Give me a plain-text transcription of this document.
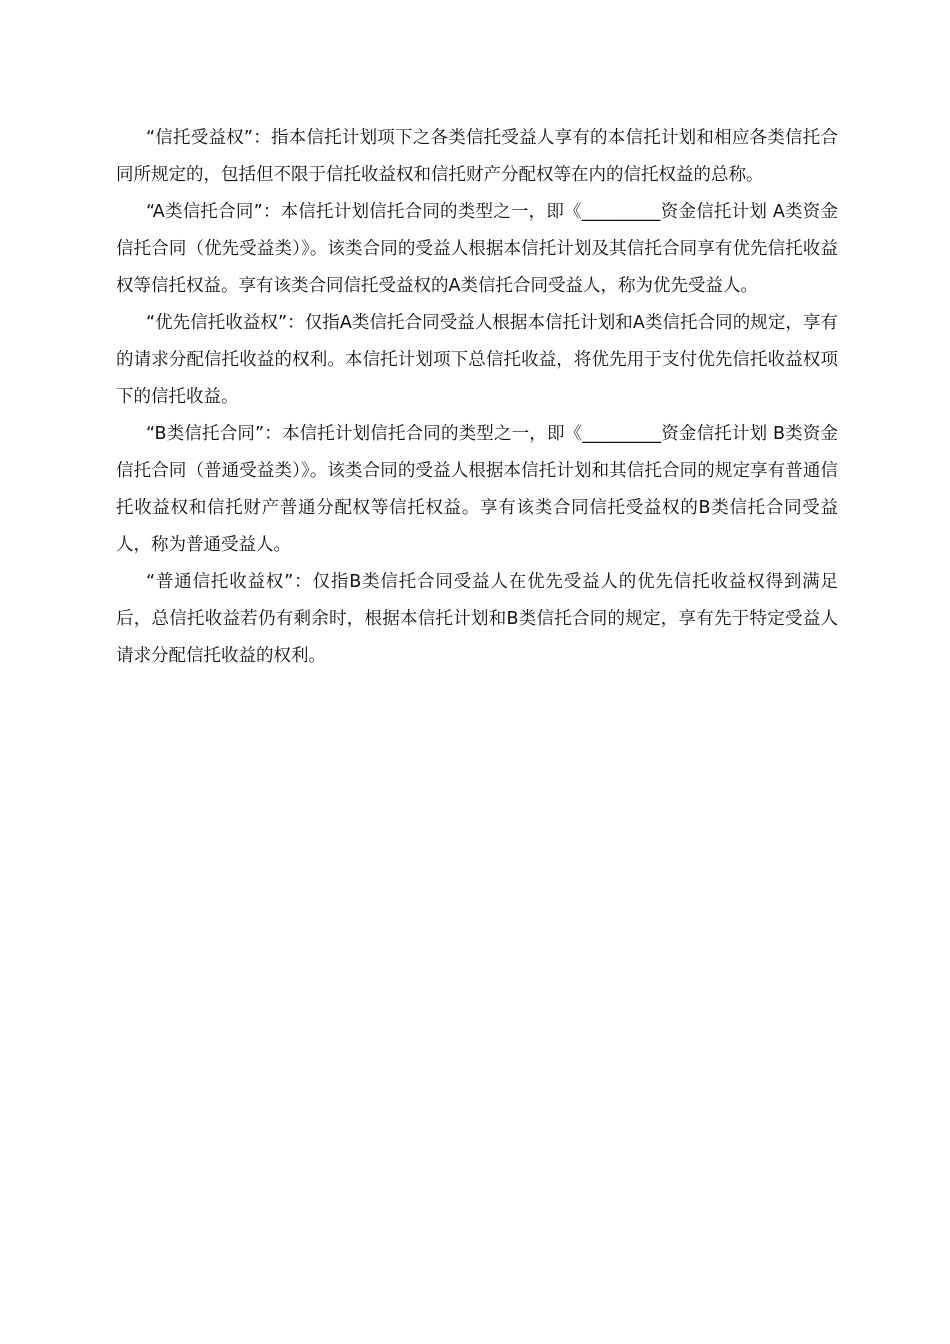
“信托受益权”：指本信托计划项下之各类信托受益人享有的本信托计划和相应各类信托合同所规定的，包括但不限于信托收益权和信托财产分配权等在内的信托权益的总称。

“A类信托合同”：本信托计划信托合同的类型之一，即《_________资金信托计划 A类资金信托合同（优先受益类）》。该类合同的受益人根据本信托计划及其信托合同享有优先信托收益权等信托权益。享有该类合同信托受益权的A类信托合同受益人，称为优先受益人。

“优先信托收益权”：仅指A类信托合同受益人根据本信托计划和A类信托合同的规定，享有的请求分配信托收益的权利。本信托计划项下总信托收益，将优先用于支付优先信托收益权项下的信托收益。

“B类信托合同”：本信托计划信托合同的类型之一，即《_________资金信托计划 B类资金信托合同（普通受益类）》。该类合同的受益人根据本信托计划和其信托合同的规定享有普通信托收益权和信托财产普通分配权等信托权益。享有该类合同信托受益权的B类信托合同受益人，称为普通受益人。

“普通信托收益权”：仅指B类信托合同受益人在优先受益人的优先信托收益权得到满足后，总信托收益若仍有剩余时，根据本信托计划和B类信托合同的规定，享有先于特定受益人请求分配信托收益的权利。
